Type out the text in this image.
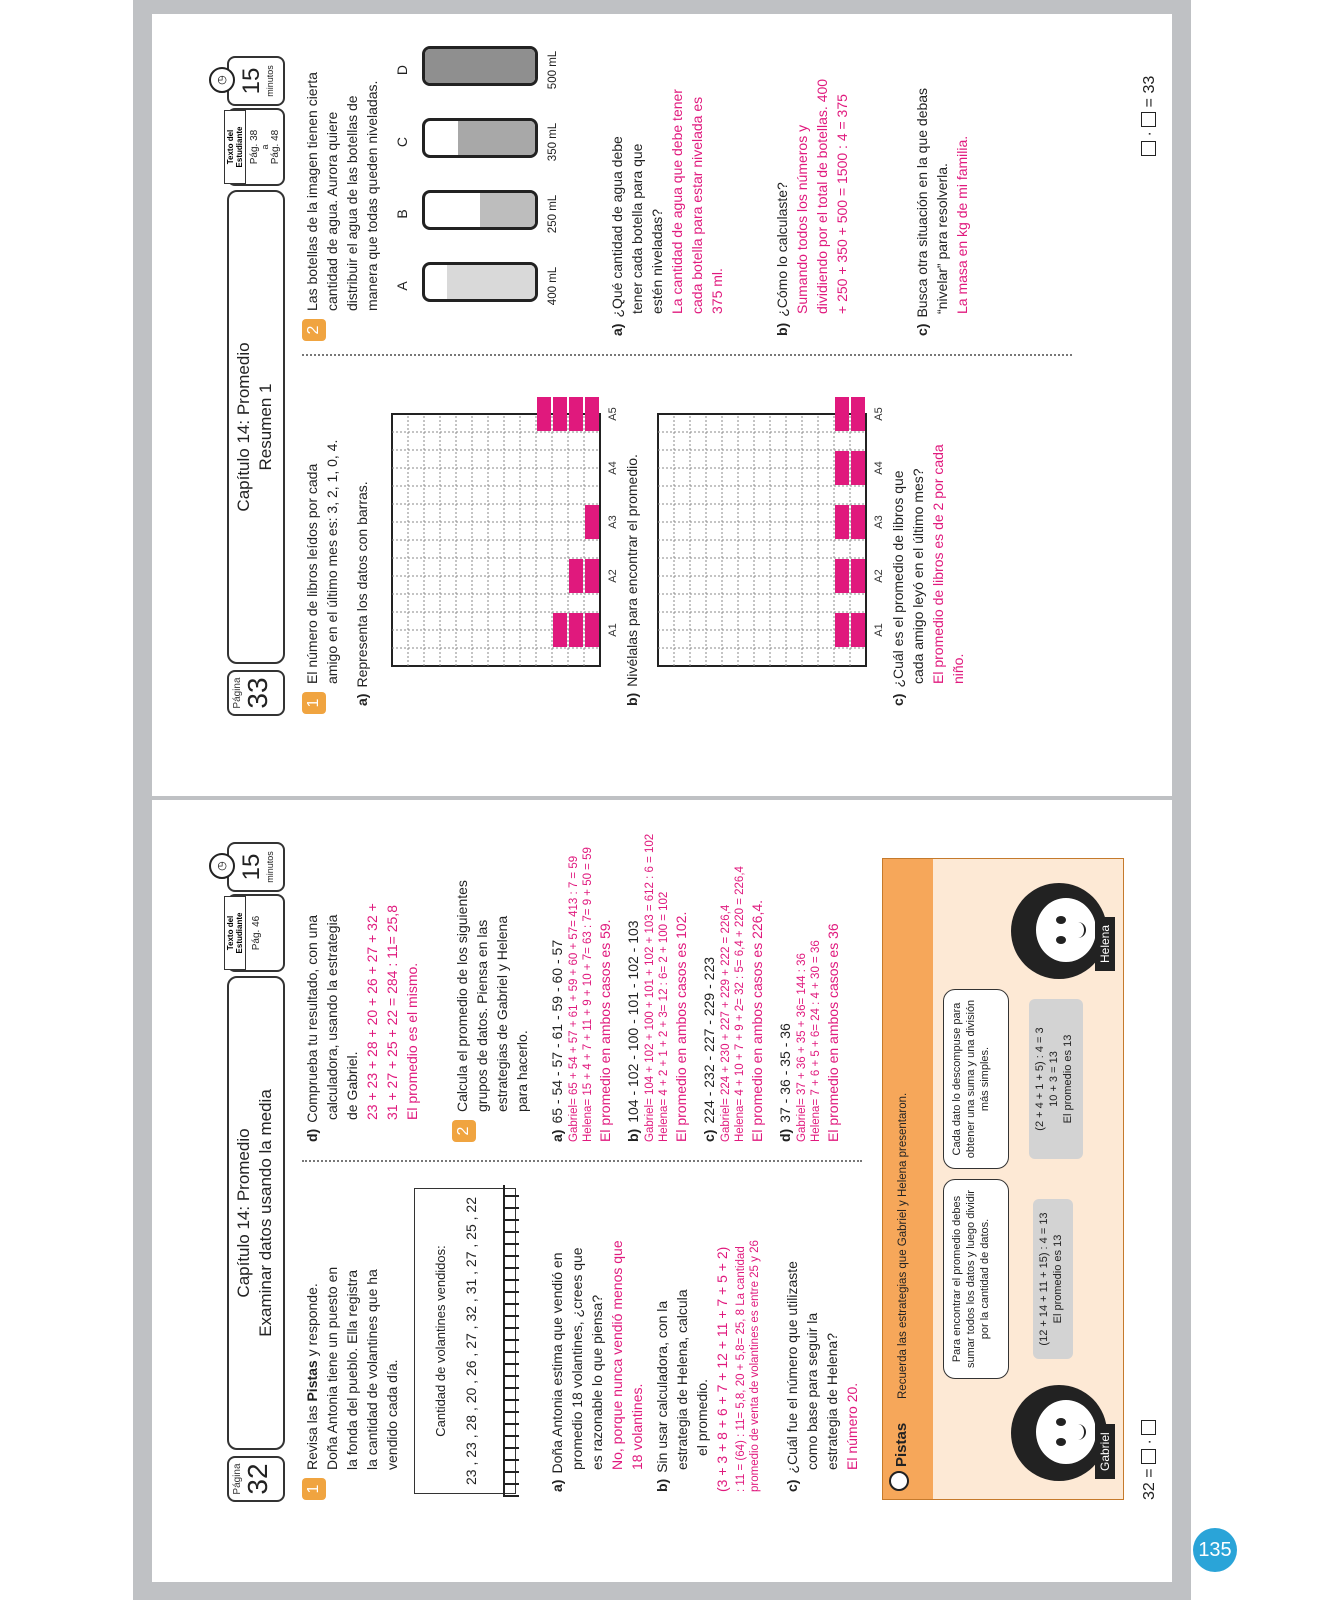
Página 32
Capítulo 14: Promedio Examinar datos usando la media
Texto del Estudiante Pág. 46
◷ 15 minutos
1
Revisa las Pistas y responde. Doña Antonia tiene un puesto en la fonda del pueblo. Ella registra la cantidad de volantines que ha vendido cada día.	Cantidad de volantines vendidos: 23 , 23 , 28 , 20 , 26 , 27 , 32 , 31 , 27 , 25 , 22
a)Doña Antonia estima que vendió en promedio 18 volantines, ¿crees que es razonable lo que piensa? No, porque nunca vendió menos que 18 volantines.
b)Sin usar calculadora, con la estrategia de Helena, calcula el promedio. (3 + 3 + 8 + 6 + 7 + 12 + 11 + 7 + 5 + 2) : 11 = (64) : 11= 5,8, 20 + 5,8= 25, 8 La cantidad promedio de venta de volantines es entre 25 y 26 c)¿Cuál fue el número que utilizaste como base para seguir la estrategia de Helena? El número 20.
d)Comprueba tu resultado, con una calculadora, usando la estrategia de Gabriel. 23 + 23 + 28 + 20 + 26 + 27 + 32 + 31 + 27 + 25 + 22 = 284 : 11= 25,8 El promedio es el mismo.
2
Calcula el promedio de los siguientes grupos de datos. Piensa en las estrategias de Gabriel y Helena para hacerlo.
a)65 - 54 - 57 - 61 - 59 - 60 - 57 Gabriel= 65 + 54 + 57 + 61 + 59 + 60 + 57= 413 : 7 = 59 Helena= 15 + 4 + 7 + 11 + 9 + 10 + 7= 63 : 7= 9 + 50 = 59 El promedio en ambos casos es 59. b)104 - 102 - 100 - 101 - 102 - 103 Gabriel= 104 + 102 + 100 + 101 + 102 + 103 = 612 : 6 = 102 Helena= 4 + 2 + 1 + 2 + 3= 12 : 6= 2 + 100 = 102 El promedio en ambos casos es 102. c)224 - 232 - 227 - 229 - 223 Gabriel= 224 + 230 + 227 + 229 + 222 = 226,4 Helena= 4 + 10 + 7 + 9 + 2= 32 : 5= 6,4 + 220 = 226,4 El promedio en ambos casos es 226,4. d)37 - 36 - 35 - 36 Gabriel= 37 + 36 + 35 + 36= 144 : 36 Helena= 7 + 6 + 5 + 6= 24 : 4 + 30 = 36 El promedio en ambos casos es 36
Pistas
Recuerda las estrategias que Gabriel y Helena presentaron.
Gabriel
Para encontrar el promedio debes sumar todos los datos y luego dividir por la cantidad de datos.	(12 + 14 + 11 + 15) : 4 = 13 El promedio es 13
Cada dato lo descompuse para obtener una suma y una división más simples.	(2 + 4 + 1 + 5) : 4 = 3 10 + 3 = 13 El promedio es 13
Helena
32 =  ·
Página 33
Capítulo 14: Promedio Resumen 1
Texto del Estudiante Pág. 38 a Pág. 48
◷ 15 minutos
1
El número de libros leídos por cada amigo en el último mes es: 3, 2, 1, 0, 4.
a)Representa los datos con barras.	A1
A2
A3
A4
A5
b)Nivélalas para encontrar el promedio.	A1
A2
A3
A4
A5
c)¿Cuál es el promedio de libros que cada amigo leyó en el último mes? El promedio de libros es de 2 por cada niño.
2
Las botellas de la imagen tienen cierta cantidad de agua. Aurora quiere distribuir el agua de las botellas de manera que todas queden niveladas. A	400 mL
B	250 mL
C	350 mL
D	500 mL
a)¿Qué cantidad de agua debe tener cada botella para que estén niveladas? La cantidad de agua que debe tener cada botella para estar nivelada es 375 ml.
b)¿Cómo lo calculaste? Sumando todos los números y dividiendo por el total de botellas. 400 + 250 + 350 + 500 = 1500 : 4 = 375
c)Busca otra situación en la que debas “nivelar” para resolverla. La masa en kg de mi familia.
·  = 33
135
